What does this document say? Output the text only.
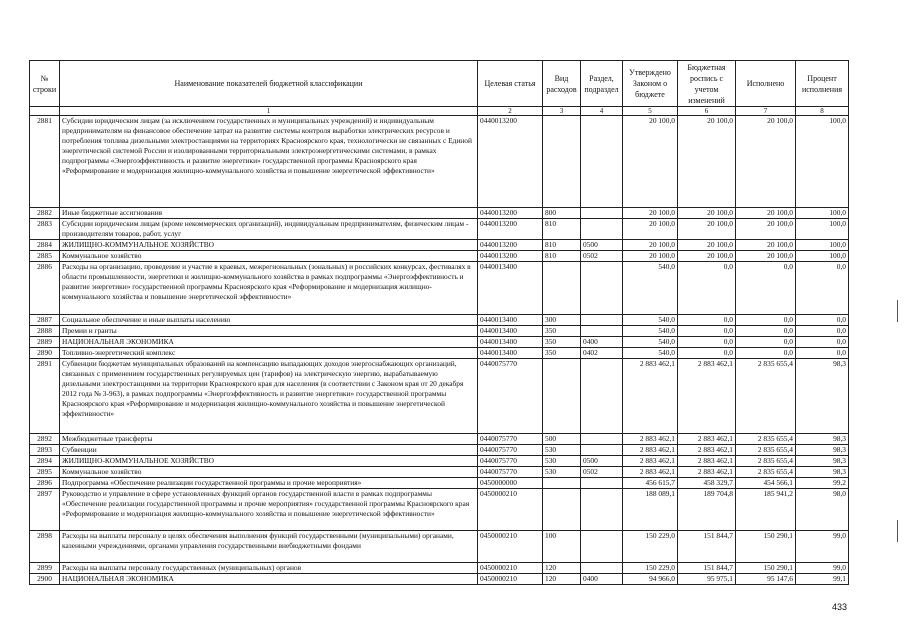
№ строки	Наименование показателей бюджетной классификации	Целевая статья	Вид расходов	Раздел, подраздел	Утверждено Законом о бюджете	Бюджетная роспись с учетом изменений	Исполнено	Процент исполнения
	1	2	3	4	5	6	7	8
2881	Субсидии юридическим лицам (за исключением государственных и муниципальных учреждений) и индивидуальным предпринимателям на финансовое обеспечение затрат на развитие системы контроля выработки электрических ресурсов и потребления топлива дизельными электростанциями на территориях Красноярского края, технологически не связанных с Единой энергетической системой России и изолированными территориальными электроэнергетическими системами, в рамках подпрограммы «Энергоэффективность и развитие энергетики» государственной программы Красноярского края «Реформирование и модернизация жилищно-коммунального хозяйства и повышение энергетической эффективности»	0440013200			20 100,0	20 100,0	20 100,0	100,0
2882	Иные бюджетные ассигнования	0440013200	800		20 100,0	20 100,0	20 100,0	100,0
2883	Субсидии юридическим лицам (кроме некоммерческих организаций), индивидуальным предпринимателям, физическим лицам - производителям товаров, работ, услуг	0440013200	810		20 100,0	20 100,0	20 100,0	100,0
2884	ЖИЛИЩНО-КОММУНАЛЬНОЕ ХОЗЯЙСТВО	0440013200	810	0500	20 100,0	20 100,0	20 100,0	100,0
2885	Коммунальное хозяйство	0440013200	810	0502	20 100,0	20 100,0	20 100,0	100,0
2886	Расходы на организацию, проведение и участие в краевых, межрегиональных (зональных) и российских конкурсах, фестивалях в области промышленности, энергетики и жилищно-коммунального хозяйства в рамках подпрограммы «Энергоэффективность и развитие энергетики» государственной программы Красноярского края «Реформирование и модернизация жилищно-коммунального хозяйства и повышение энергетической эффективности»	0440013400			540,0	0,0	0,0	0,0
2887	Социальное обеспечение и иные выплаты населению	0440013400	300		540,0	0,0	0,0	0,0
2888	Премии и гранты	0440013400	350		540,0	0,0	0,0	0,0
2889	НАЦИОНАЛЬНАЯ ЭКОНОМИКА	0440013400	350	0400	540,0	0,0	0,0	0,0
2890	Топливно-энергетический комплекс	0440013400	350	0402	540,0	0,0	0,0	0,0
2891	Субвенции бюджетам муниципальных образований на компенсацию выпадающих доходов энергоснабжающих организаций, связанных с применением государственных регулируемых цен (тарифов) на электрическую энергию, вырабатываемую дизельными электростанциями на территории Красноярского края для населения (в соответствии с Законом края от 20 декабря 2012 года № 3-963), в рамках подпрограммы «Энергоэффективность и развитие энергетики» государственной программы Красноярского края «Реформирование и модернизация жилищно-коммунального хозяйства и повышение энергетической эффективности»	0440075770			2 883 462,1	2 883 462,1	2 835 655,4	98,3
2892	Межбюджетные трансферты	0440075770	500		2 883 462,1	2 883 462,1	2 835 655,4	98,3
2893	Субвенции	0440075770	530		2 883 462,1	2 883 462,1	2 835 655,4	98,3
2894	ЖИЛИЩНО-КОММУНАЛЬНОЕ ХОЗЯЙСТВО	0440075770	530	0500	2 883 462,1	2 883 462,1	2 835 655,4	98,3
2895	Коммунальное хозяйство	0440075770	530	0502	2 883 462,1	2 883 462,1	2 835 655,4	98,3
2896	Подпрограмма «Обеспечение реализации государственной программы и прочие мероприятия»	0450000000			456 615,7	458 329,7	454 566,1	99,2
2897	Руководство и управление в сфере установленных функций органов государственной власти в рамках подпрограммы «Обеспечение реализации государственной программы и прочие мероприятия» государственной программы Красноярского края «Реформирование и модернизация жилищно-коммунального хозяйства и повышение энергетической эффективности»	0450000210			188 089,1	189 704,8	185 941,2	98,0
2898	Расходы на выплаты персоналу в целях обеспечения выполнения функций государственными (муниципальными) органами, казенными учреждениями, органами управления государственными внебюджетными фондами	0450000210	100		150 229,0	151 844,7	150 290,1	99,0
2899	Расходы на выплаты персоналу государственных (муниципальных) органов	0450000210	120		150 229,0	151 844,7	150 290,1	99,0
2900	НАЦИОНАЛЬНАЯ ЭКОНОМИКА	0450000210	120	0400	94 966,0	95 975,1	95 147,6	99,1
433
